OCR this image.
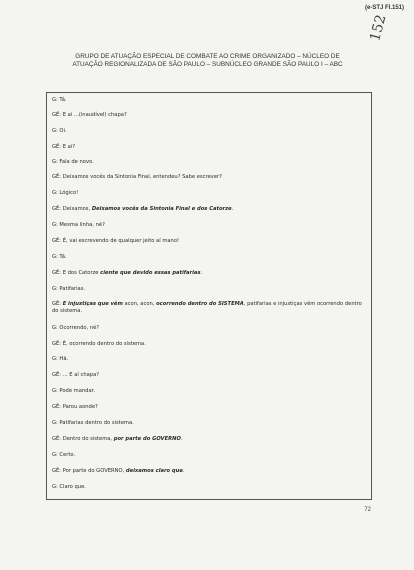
(e-STJ Fl.151)
152
GRUPO DE ATUAÇÃO ESPECIAL DE COMBATE AO CRIME ORGANIZADO – NÚCLEO DE
ATUAÇÃO REGIONALIZADA DE SÃO PAULO – SUBNÚCLEO GRANDE SÃO PAULO I – ABC
G: Tá.
GÊ: E aí ...(inaudível) chapa?
G: Oi.
GÊ: E aí?
G: Fala de novo.
GÊ: Deixamos vocês da Sintonia Final, entendeu? Sabe escrever?
G: Lógico!
GÊ: Deixamos, Deixamos vocês da Sintonia Final e dos Catorze.
G: Mesma linha, né?
GÊ: É, vai escrevendo de qualquer jeito aí mano!
G: Tá.
GÊ: E dos Catorze ciente que devido essas patifarias.
G: Patifarias.
GÊ: E injustiças que vêm acon, acon, ocorrendo dentro do SISTEMA, patifarias e injustiças vêm ocorrendo dentro do sistema.
G: Ocorrendo, né?
GÊ: É, ocorrendo dentro do sistema.
G: Hã.
GÊ: ... E aí chapa?
G: Pode mandar.
GÊ: Parou aonde?
G: Patifarias dentro do sistema.
GÊ: Dentro do sistema, por parte do GOVERNO.
G: Certo.
GÊ: Por parte do GOVERNO, deixamos claro que.
G: Claro que.
72
